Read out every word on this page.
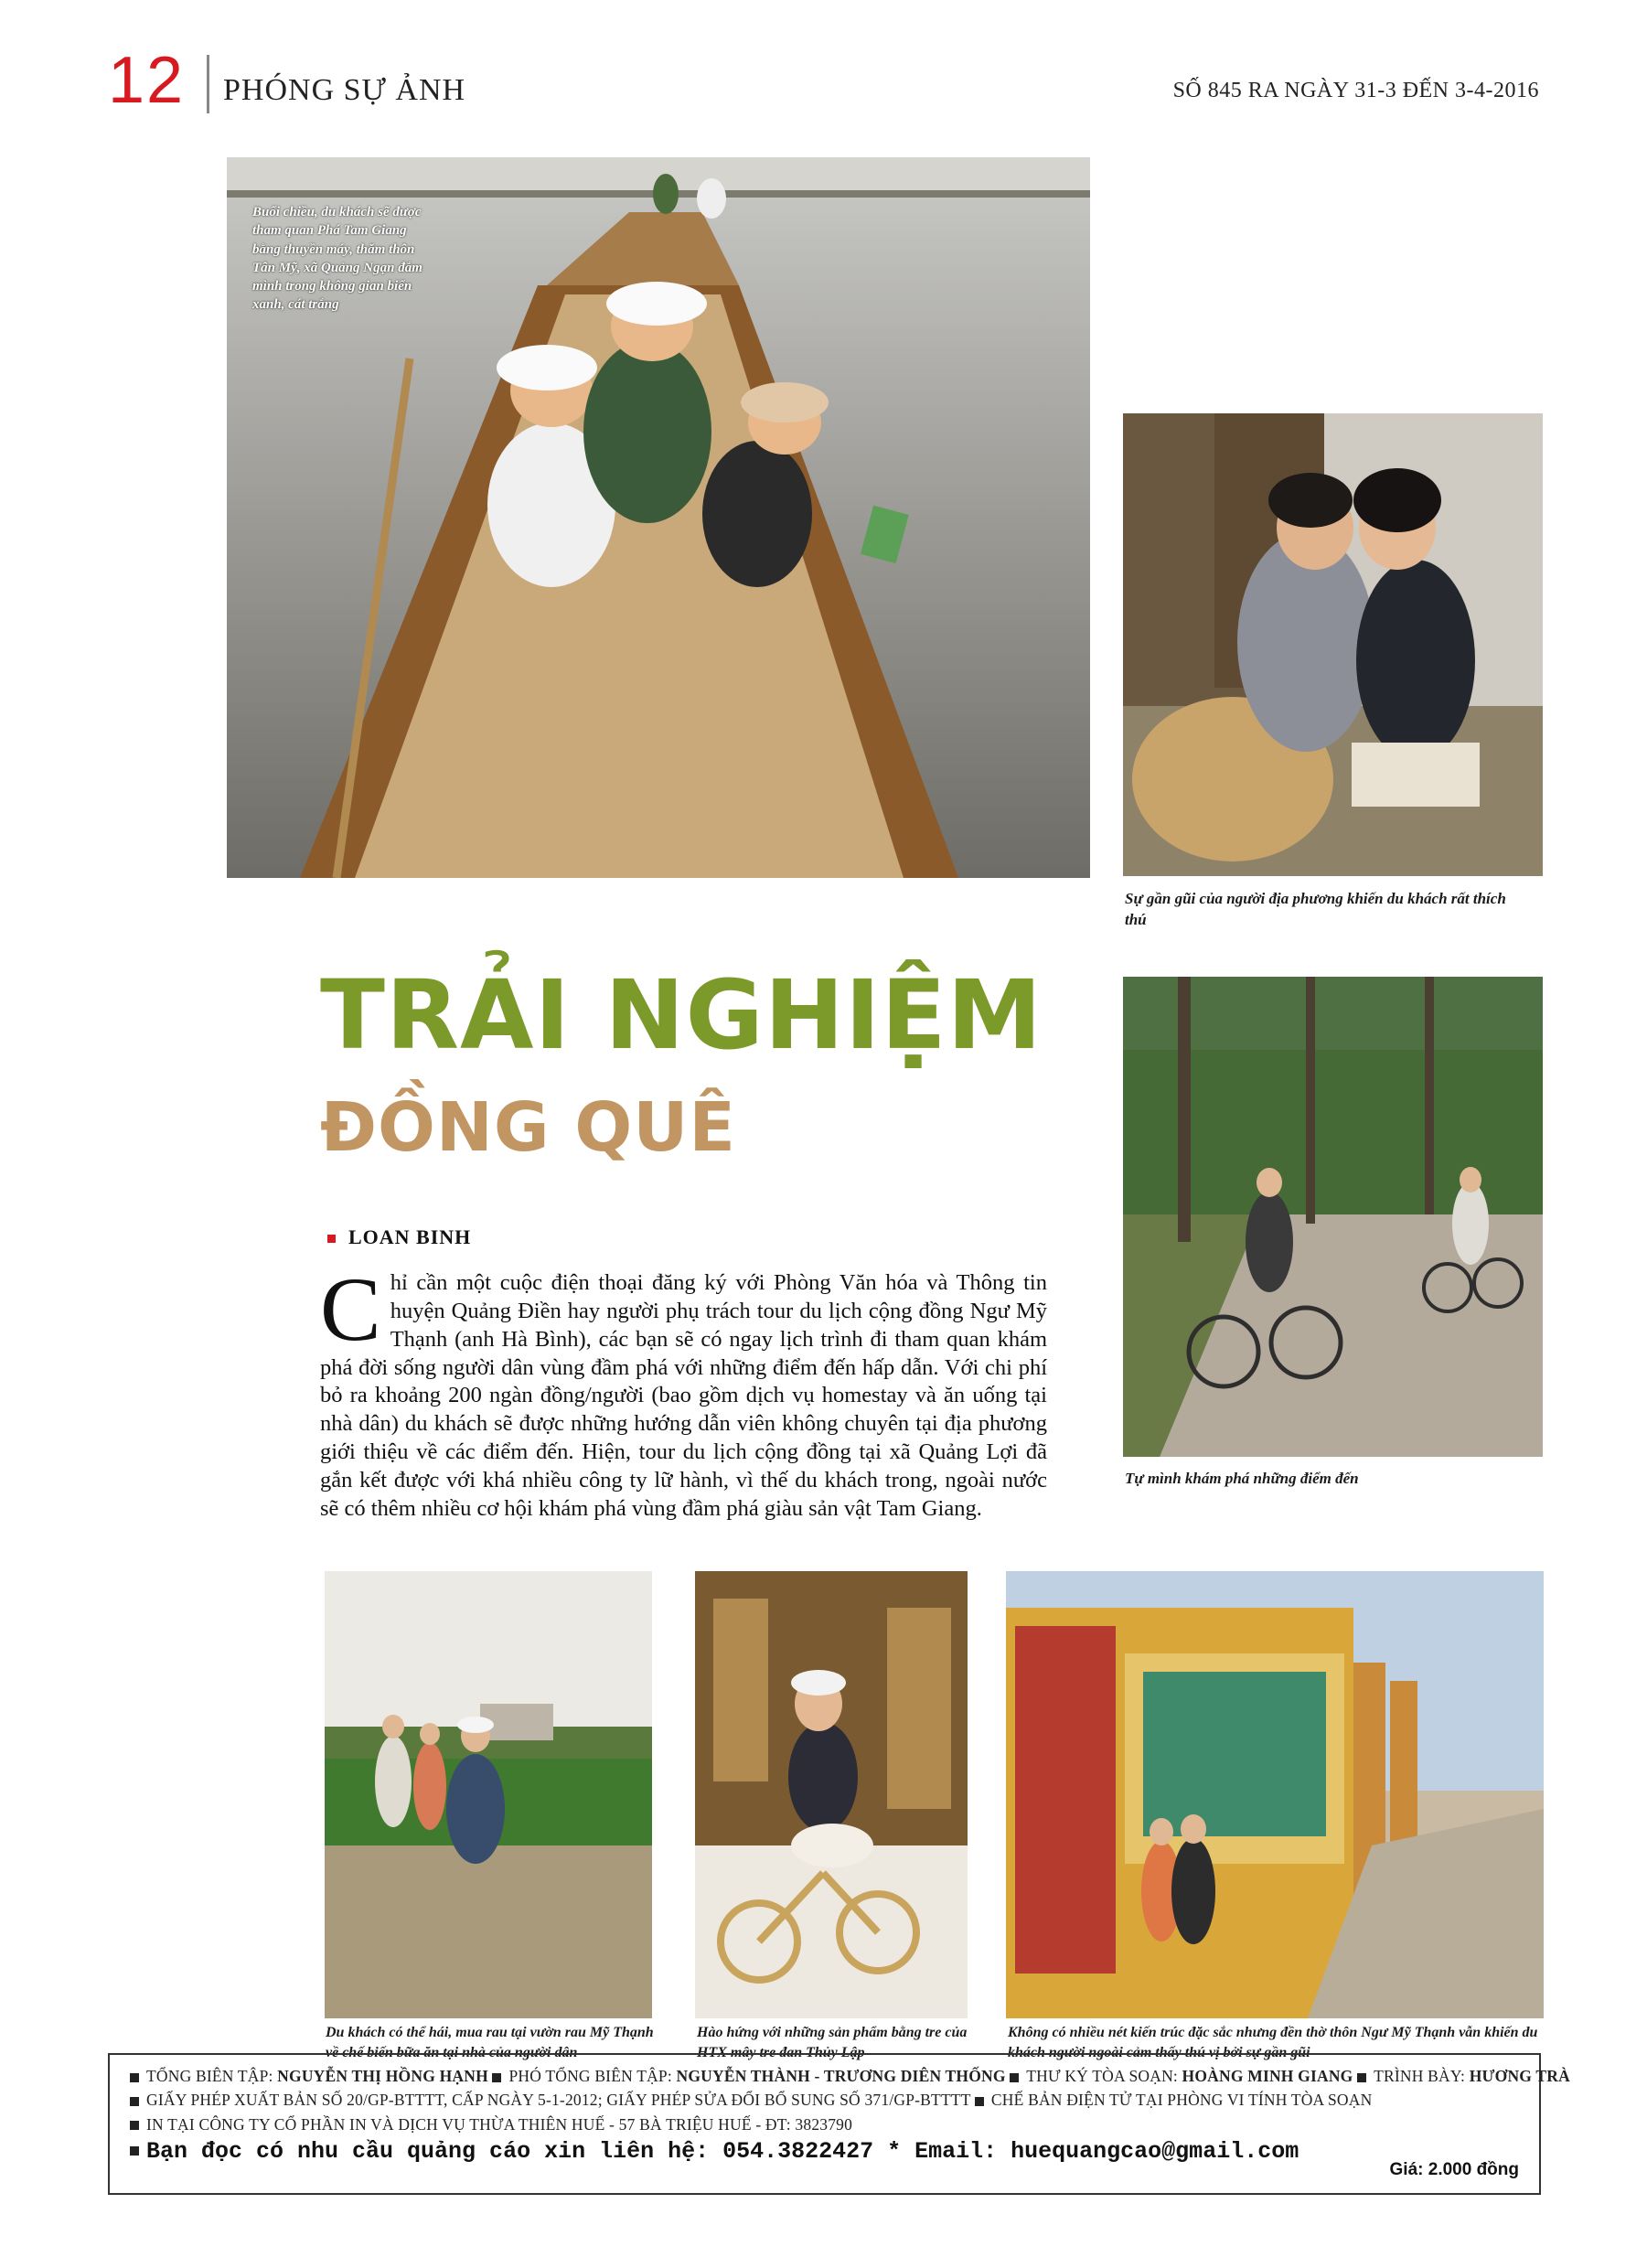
12 PHÓNG SỰ ẢNH	SỐ 845 RA NGÀY 31-3 ĐẾN 3-4-2016
Buổi chiều, du khách sẽ được tham quan Phá Tam Giang bằng thuyền máy, thăm thôn Tân Mỹ, xã Quảng Ngạn đắm mình trong không gian biển xanh, cát trắng
Sự gần gũi của người địa phương khiến du khách rất thích thú
Tự mình khám phá những điểm đến
TRẢI NGHIỆM
ĐỒNG QUÊ
LOAN BINH
Chỉ cần một cuộc điện thoại đăng ký với Phòng Văn hóa và Thông tin huyện Quảng Điền hay người phụ trách tour du lịch cộng đồng Ngư Mỹ Thạnh (anh Hà Bình), các bạn sẽ có ngay lịch trình đi tham quan khám phá đời sống người dân vùng đầm phá với những điểm đến hấp dẫn. Với chi phí bỏ ra khoảng 200 ngàn đồng/người (bao gồm dịch vụ homestay và ăn uống tại nhà dân) du khách sẽ được những hướng dẫn viên không chuyên tại địa phương giới thiệu về các điểm đến. Hiện, tour du lịch cộng đồng tại xã Quảng Lợi đã gắn kết được với khá nhiều công ty lữ hành, vì thế du khách trong, ngoài nước sẽ có thêm nhiều cơ hội khám phá vùng đầm phá giàu sản vật Tam Giang.
Du khách có thể hái, mua rau tại vườn rau Mỹ Thạnh về chế biến bữa ăn tại nhà của người dân
Hào hứng với những sản phẩm bằng tre của HTX mây tre đan Thủy Lập
Không có nhiều nét kiến trúc đặc sắc nhưng đền thờ thôn Ngư Mỹ Thạnh vẫn khiến du khách người ngoài cảm thấy thú vị bởi sự gần gũi
TỔNG BIÊN TẬP: NGUYỄN THỊ HỒNG HẠNH PHÓ TỔNG BIÊN TẬP: NGUYỄN THÀNH - TRƯƠNG DIÊN THỐNG THƯ KÝ TÒA SOẠN: HOÀNG MINH GIANG TRÌNH BÀY: HƯƠNG TRÀ
GIẤY PHÉP XUẤT BẢN SỐ 20/GP-BTTTT, CẤP NGÀY 5-1-2012; GIẤY PHÉP SỬA ĐỔI BỔ SUNG SỐ 371/GP-BTTTT CHẾ BẢN ĐIỆN TỬ TẠI PHÒNG VI TÍNH TÒA SOẠN
IN TẠI CÔNG TY CỔ PHẦN IN VÀ DỊCH VỤ THỪA THIÊN HUẾ - 57 BÀ TRIỆU HUẾ - ĐT: 3823790
Bạn đọc có nhu cầu quảng cáo xin liên hệ: 054.3822427 * Email: huequangcao@gmail.com
Giá: 2.000 đồng
